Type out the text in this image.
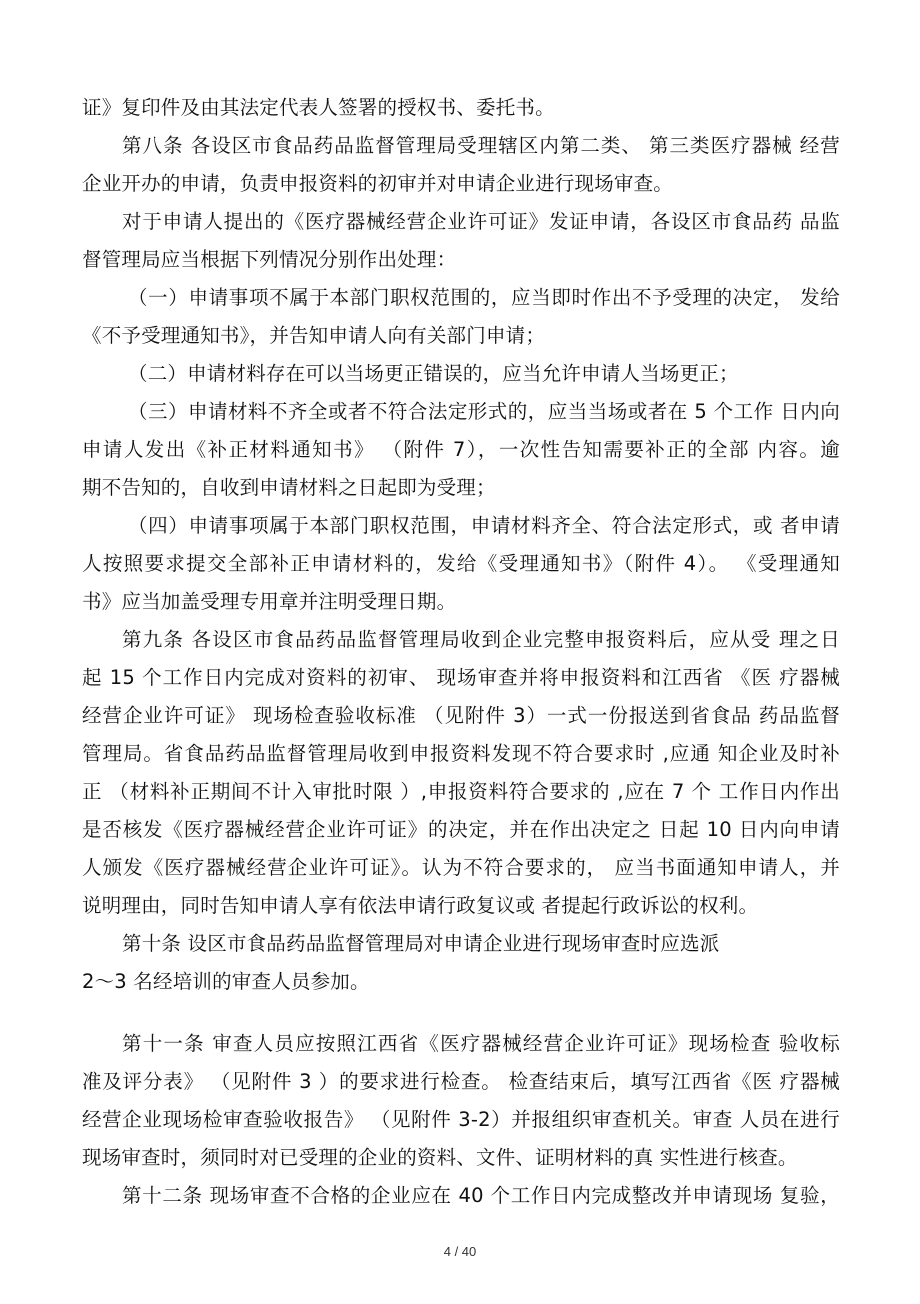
证》复印件及由其法定代表人签署的授权书、委托书。
第八条 各设区市食品药品监督管理局受理辖区内第二类、 第三类医疗器械 经营
企业开办的申请，负责申报资料的初审并对申请企业进行现场审查。
对于申请人提出的《医疗器械经营企业许可证》发证申请，各设区市食品药 品监
督管理局应当根据下列情况分别作出处理：
（一）申请事项不属于本部门职权范围的，应当即时作出不予受理的决定， 发给
《不予受理通知书》，并告知申请人向有关部门申请；
（二）申请材料存在可以当场更正错误的，应当允许申请人当场更正；
（三）申请材料不齐全或者不符合法定形式的，应当当场或者在 5 个工作 日内向
申请人发出《补正材料通知书》 （附件 7），一次性告知需要补正的全部 内容。逾
期不告知的，自收到申请材料之日起即为受理；
（四）申请事项属于本部门职权范围，申请材料齐全、符合法定形式，或 者申请
人按照要求提交全部补正申请材料的，发给《受理通知书》（附件 4）。 《受理通知
书》应当加盖受理专用章并注明受理日期。
第九条 各设区市食品药品监督管理局收到企业完整申报资料后，应从受 理之日
起 15 个工作日内完成对资料的初审、 现场审查并将申报资料和江西省 《医 疗器械
经营企业许可证》 现场检查验收标准 （见附件 3）一式一份报送到省食品 药品监督
管理局。省食品药品监督管理局收到申报资料发现不符合要求时 ,应通 知企业及时补
正 （材料补正期间不计入审批时限 ）,申报资料符合要求的 ,应在 7 个 工作日内作出
是否核发《医疗器械经营企业许可证》的决定，并在作出决定之 日起 10 日内向申请
人颁发《医疗器械经营企业许可证》。认为不符合要求的， 应当书面通知申请人，并
说明理由，同时告知申请人享有依法申请行政复议或 者提起行政诉讼的权利。
第十条 设区市食品药品监督管理局对申请企业进行现场审查时应选派
2～3 名经培训的审查人员参加。
第十一条 审查人员应按照江西省《医疗器械经营企业许可证》现场检查 验收标
准及评分表》 （见附件 3 ）的要求进行检查。 检查结束后，填写江西省《医 疗器械
经营企业现场检审查验收报告》 （见附件 3-2）并报组织审查机关。审查 人员在进行
现场审查时，须同时对已受理的企业的资料、文件、证明材料的真 实性进行核查。
第十二条 现场审查不合格的企业应在 40 个工作日内完成整改并申请现场 复验，
4 / 40
